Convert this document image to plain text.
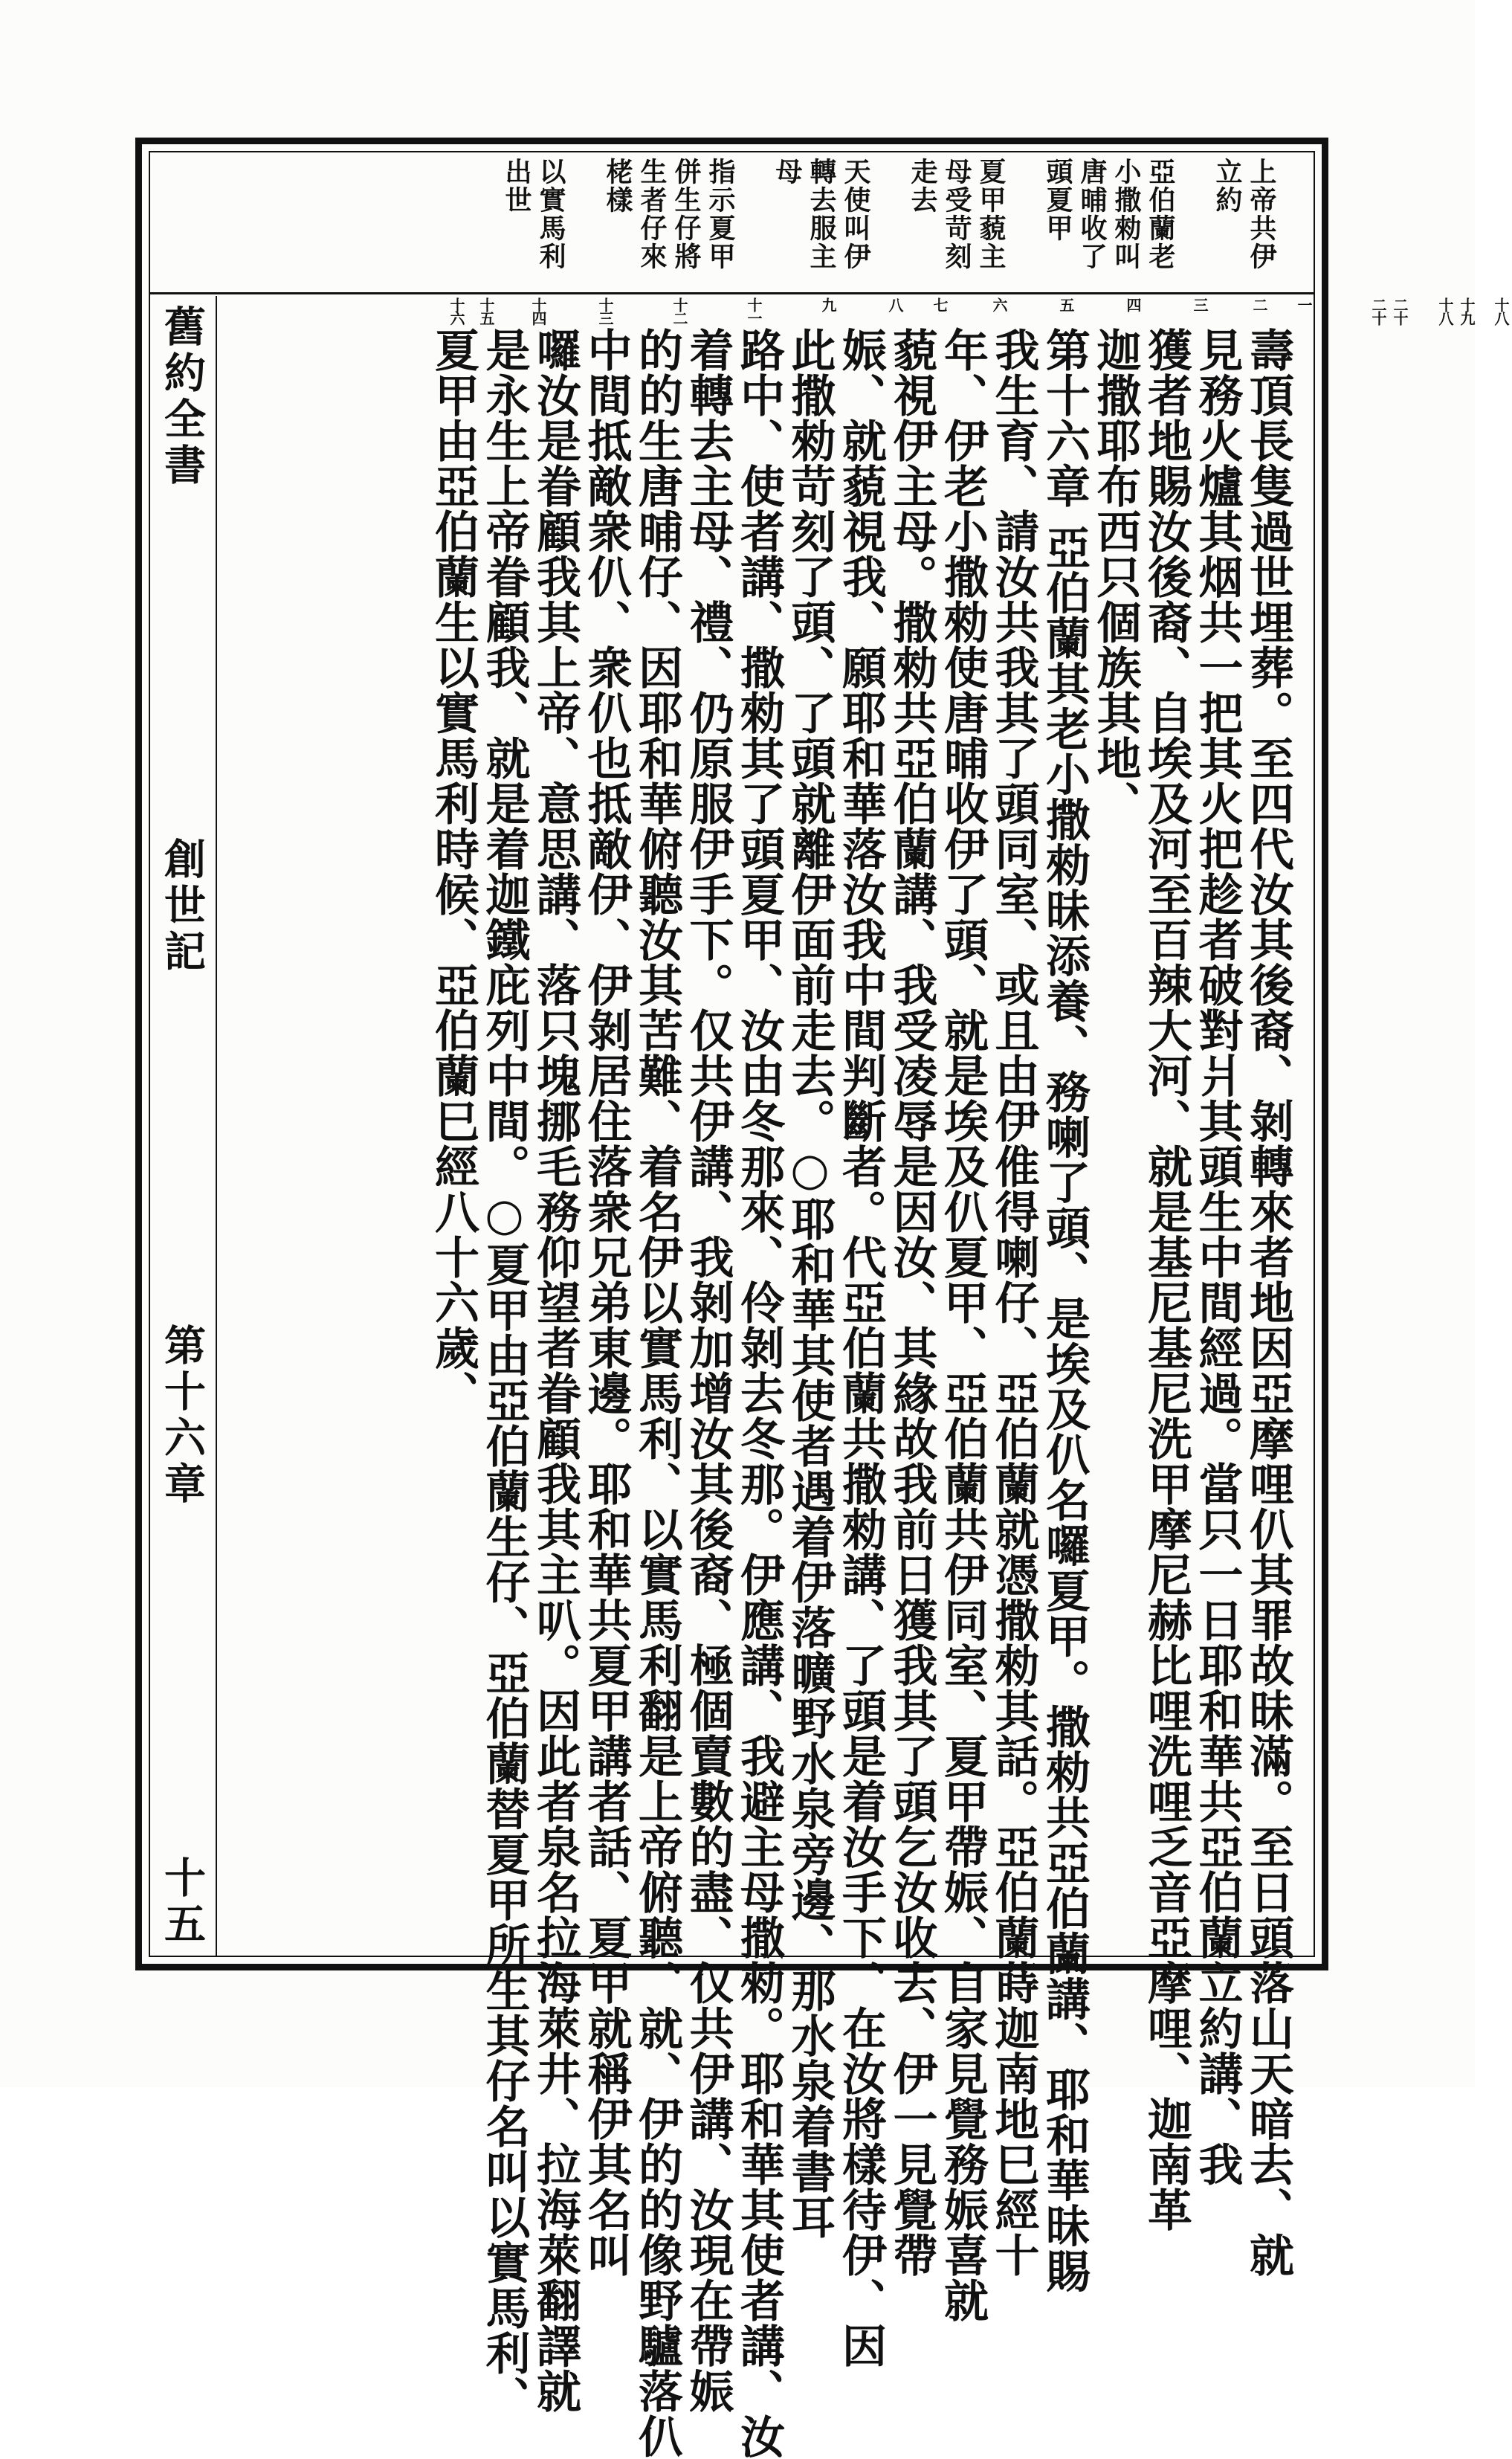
舊約全書
創世記
第十六章
十五
上帝共伊立約 亞伯蘭老小撒勑叫唐晡收了頭夏甲 夏甲藐主母受苛刻走去 天使叫伊轉去服主母 指示夏甲併生仔將生者仔來栳樣 以實馬利出世
十八
十九 十八
二十 二十
一
二
三
四
五
六
七
八
九
十一
十二
十三
十四
十五
十六
壽頂長隻過世埋葬。至四代汝其後裔、剝轉來者地因亞摩哩仈其罪故昧滿。至日頭落山天暗去、就
見務火爐其烟共一把其火把趁者破對爿其頭生中間經過。當只一日耶和華共亞伯蘭立約講、我
獲者地賜汝後裔、自埃及河至百辣大河、就是基尼基尼洗甲摩尼赫比哩洗哩乏音亞摩哩、迦南革
迦撒耶布西只個族其地、
第十六章 亞伯蘭其老小撒勑昧添養、務喇了頭、是埃及仈名囉夏甲。撒勑共亞伯蘭講、耶和華昧賜
我生育、請汝共我其了頭同室、或且由伊倠得喇仔、亞伯蘭就憑撒勑其話。亞伯蘭蒔迦南地巳經十
年、伊老小撒勑使唐晡收伊了頭、就是埃及仈夏甲、亞伯蘭共伊同室、夏甲帶娠、自家見覺務娠喜就
藐視伊主母。撒勑共亞伯蘭講、我受凌辱是因汝、其緣故我前日獲我其了頭乞汝收去、伊一見覺帶
娠、就藐視我、願耶和華落汝我中間判斷者。代亞伯蘭共撒勑講、了頭是着汝手下、在汝將樣待伊、因
此撒勑苛刻了頭、了頭就離伊面前走去。○耶和華其使者遇着伊落曠野水泉旁邊、那水泉着書耳
路中、使者講、撒勑其了頭夏甲、汝由冬那來、伶剝去冬那。伊應講、我避主母撒勑。耶和華其使者講、汝
着轉去主母、禮、仍原服伊手下。仅共伊講、我剝加增汝其後裔、極個賣數的盡、仅共伊講、汝現在帶娠
的的生唐晡仔、因耶和華俯聽汝其苦難、着名伊以實馬利、以實馬利翻是上帝俯聽、就、伊的的像野驢落仈
中間抵敵衆仈、衆仈也抵敵伊、伊剝居住落衆兄弟東邊。耶和華共夏甲講者話、夏甲就稱伊其名叫
囉汝是眷顧我其上帝、意思講、落只塊挪毛務仰望者眷顧我其主叭。因此者泉名拉海萊井、拉海萊翻譯就
是永生上帝眷顧我、就是着迦鐵庇列中間。○夏甲由亞伯蘭生仔、亞伯蘭替夏甲所生其仔名叫以實馬利、
夏甲由亞伯蘭生以實馬利時候、亞伯蘭巳經八十六歲、
